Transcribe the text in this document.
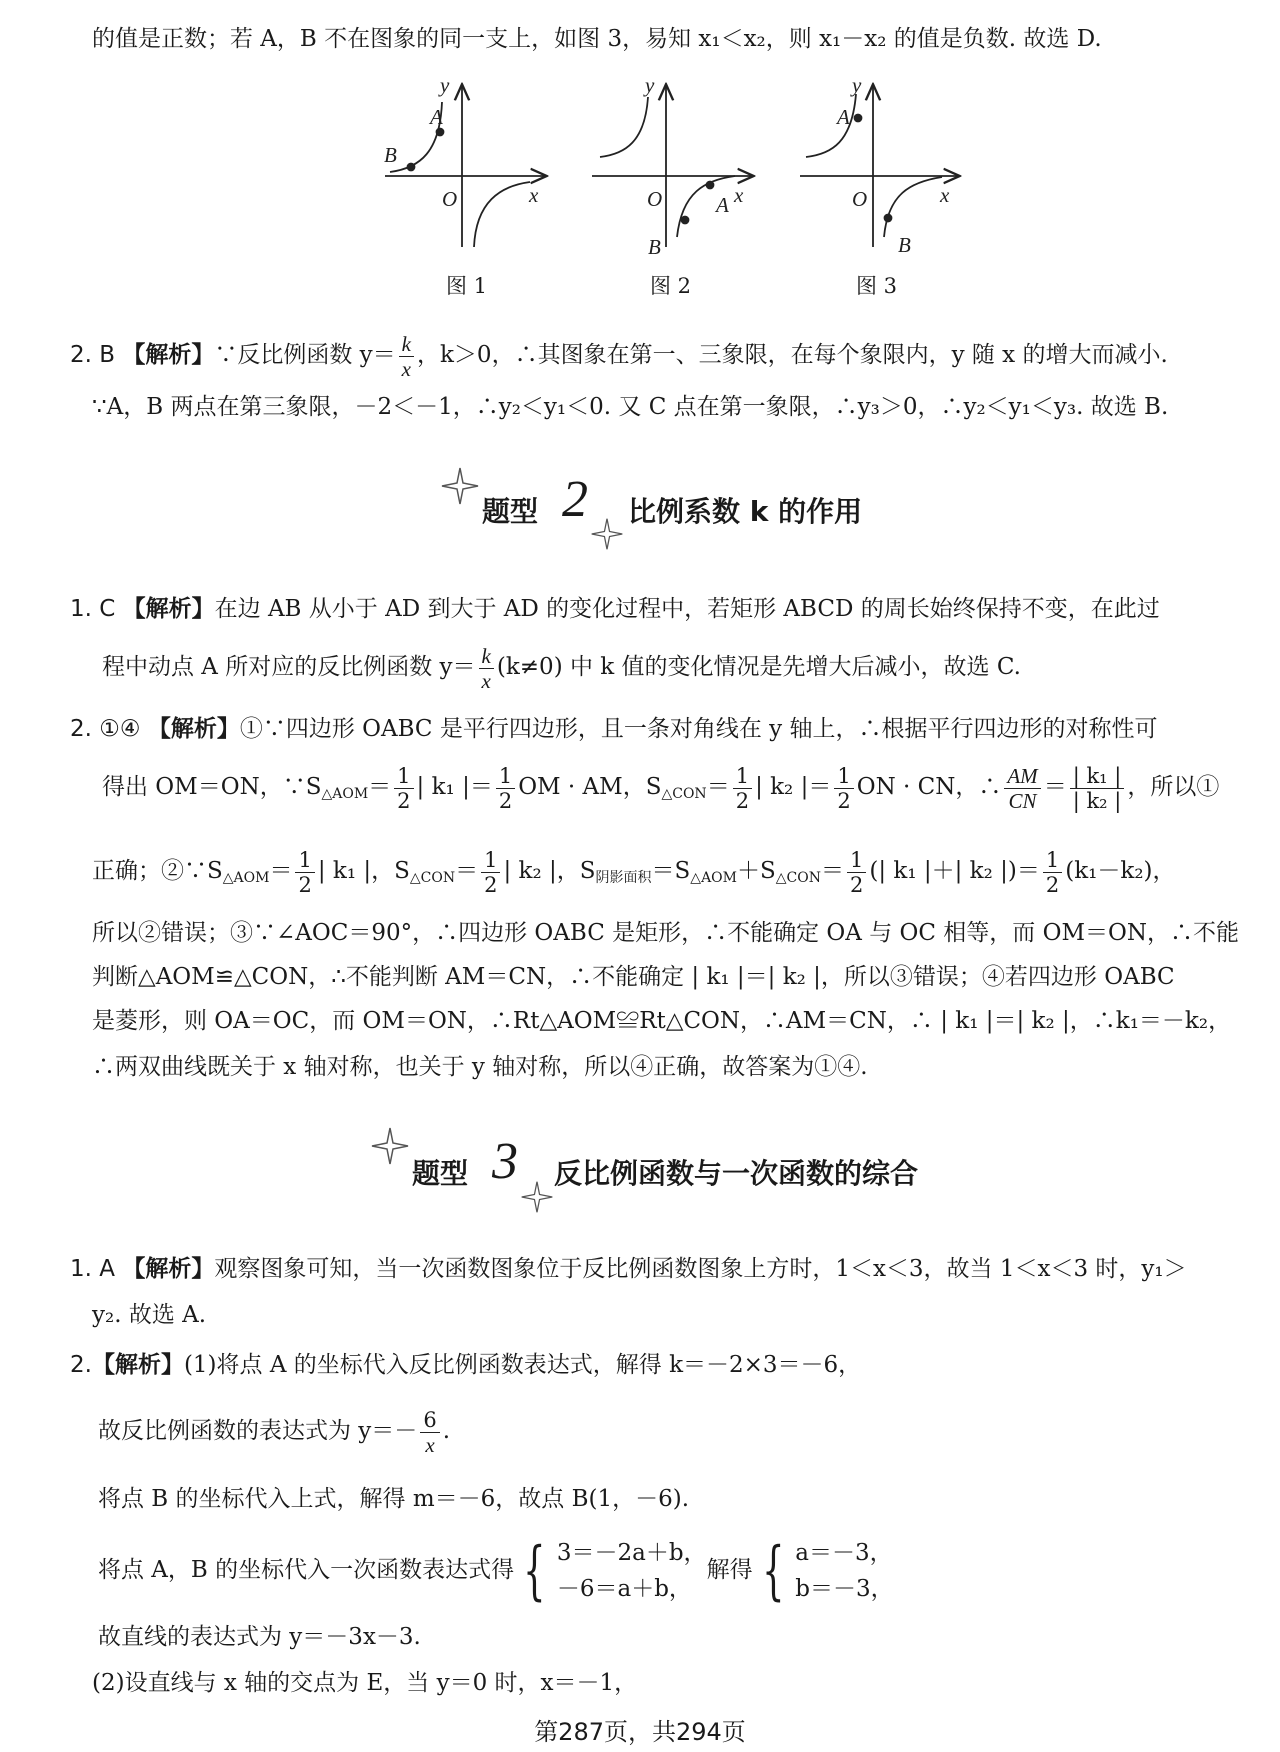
的值是正数；若 A，B 不在图象的同一支上，如图 3，易知 x₁＜x₂，则 x₁－x₂ 的值是负数. 故选 D.
y
A
B
O	x
y
A
B
O	x
y
A
B
O	x
图 1	图 2	图 3
2. B 【解析】∵反比例函数 $y= \frac{k}{x}$ ，k＞0，∴其图象在第一、三象限，在每个象限内，y 随 x 的增大而减小.
∵A，B 两点在第三象限，－2＜－1，∴y₂＜y₁＜0. 又 C 点在第一象限，∴y₃＞0，∴y₂＜y₁＜y₃. 故选 B.
题型 2 比例系数 k 的作用
1. C 【解析】在边 AB 从小于 AD 到大于 AD 的变化过程中，若矩形 ABCD 的周长始终保持不变，在此过
程中动点 A 所对应的反比例函数 $y= \frac{k}{x} (k\ne 0)$ 中 k 值的变化情况是先增大后减小，故选 C.
2. ①④ 【解析】①∵四边形 OABC 是平行四边形，且一条对角线在 y 轴上，∴根据平行四边形的对称性可
得出 OM＝ON，$\because S_{\triangle AOM}= \frac{1}{2}$ | k₁ |＝ $\frac{1}{2}$ OM · AM，$S_{\triangle CON}= \frac{1}{2}$ | k₂ |＝ $\frac{1}{2}$ ON · CN，∴ $\frac{AM}{CN} = \frac{\text{| k₁ |}}{\text{| k₂ |}}$ ，所以①
正确；$②\because S_{\triangle AOM}= \frac{1}{2}$ | k₁ |，$S_{\triangle CON}= \frac{1}{2}$ | k₂ |，$S_{阴影面积}=S_{\triangle AOM}+S_{\triangle CON}= \frac{1}{2}$ (| k₁ |＋| k₂ |)＝ $\frac{1}{2} (k_1-k_2)$，
所以②错误；③∵∠AOC＝90°，∴四边形 OABC 是矩形，∴不能确定 OA 与 OC 相等，而 OM＝ON，∴不能
判断△AOM≌△CON，∴不能判断 AM＝CN，∴不能确定 | k₁ |＝| k₂ |，所以③错误；④若四边形 OABC
是菱形，则 OA＝OC，而 OM＝ON，∴Rt△AOM≌Rt△CON，∴AM＝CN，∴ | k₁ |＝| k₂ |，∴k₁＝－k₂，
∴两双曲线既关于 x 轴对称，也关于 y 轴对称，所以④正确，故答案为①④.
题型 3 反比例函数与一次函数的综合
1. A 【解析】观察图象可知，当一次函数图象位于反比例函数图象上方时，1＜x＜3，故当 1＜x＜3 时，y₁＞
y₂. 故选 A.
2.【解析】(1)将点 A 的坐标代入反比例函数表达式，解得 k＝－2×3＝－6，
故反比例函数的表达式为 $y=- \frac{6}{x}$ .
将点 B 的坐标代入上式，解得 m＝－6，故点 B(1，－6).
将点 A，B 的坐标代入一次函数表达式得 { 3＝－2a＋b，
－6＝a＋b，
解得 { a＝－3，
b＝－3，
故直线的表达式为 y＝－3x－3.
(2)设直线与 x 轴的交点为 E，当 y＝0 时，x＝－1，
第287页，共294页
